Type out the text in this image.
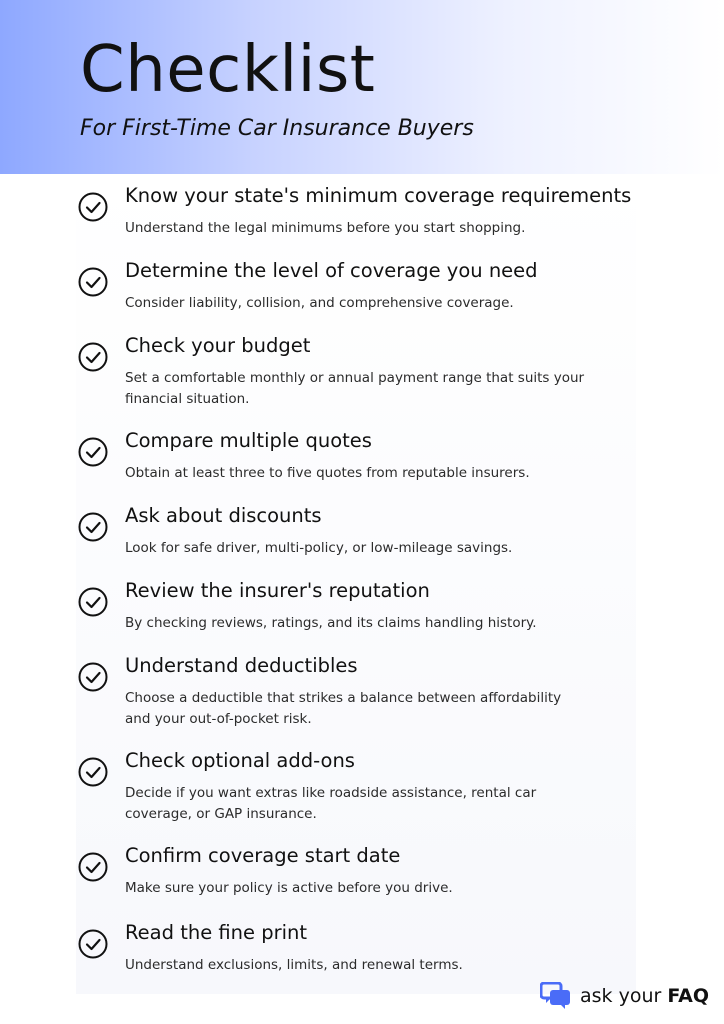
Checklist
For First-Time Car Insurance Buyers
Know your state's minimum coverage requirements
Understand the legal minimums before you start shopping.
Determine the level of coverage you need
Consider liability, collision, and comprehensive coverage.
Check your budget
Set a comfortable monthly or annual payment range that suits your financial situation.
Compare multiple quotes
Obtain at least three to five quotes from reputable insurers.
Ask about discounts
Look for safe driver, multi-policy, or low-mileage savings.
Review the insurer's reputation
By checking reviews, ratings, and its claims handling history.
Understand deductibles
Choose a deductible that strikes a balance between affordability and your out-of-pocket risk.
Check optional add-ons
Decide if you want extras like roadside assistance, rental car coverage, or GAP insurance.
Confirm coverage start date
Make sure your policy is active before you drive.
Read the fine print
Understand exclusions, limits, and renewal terms.
ask your FAQ
